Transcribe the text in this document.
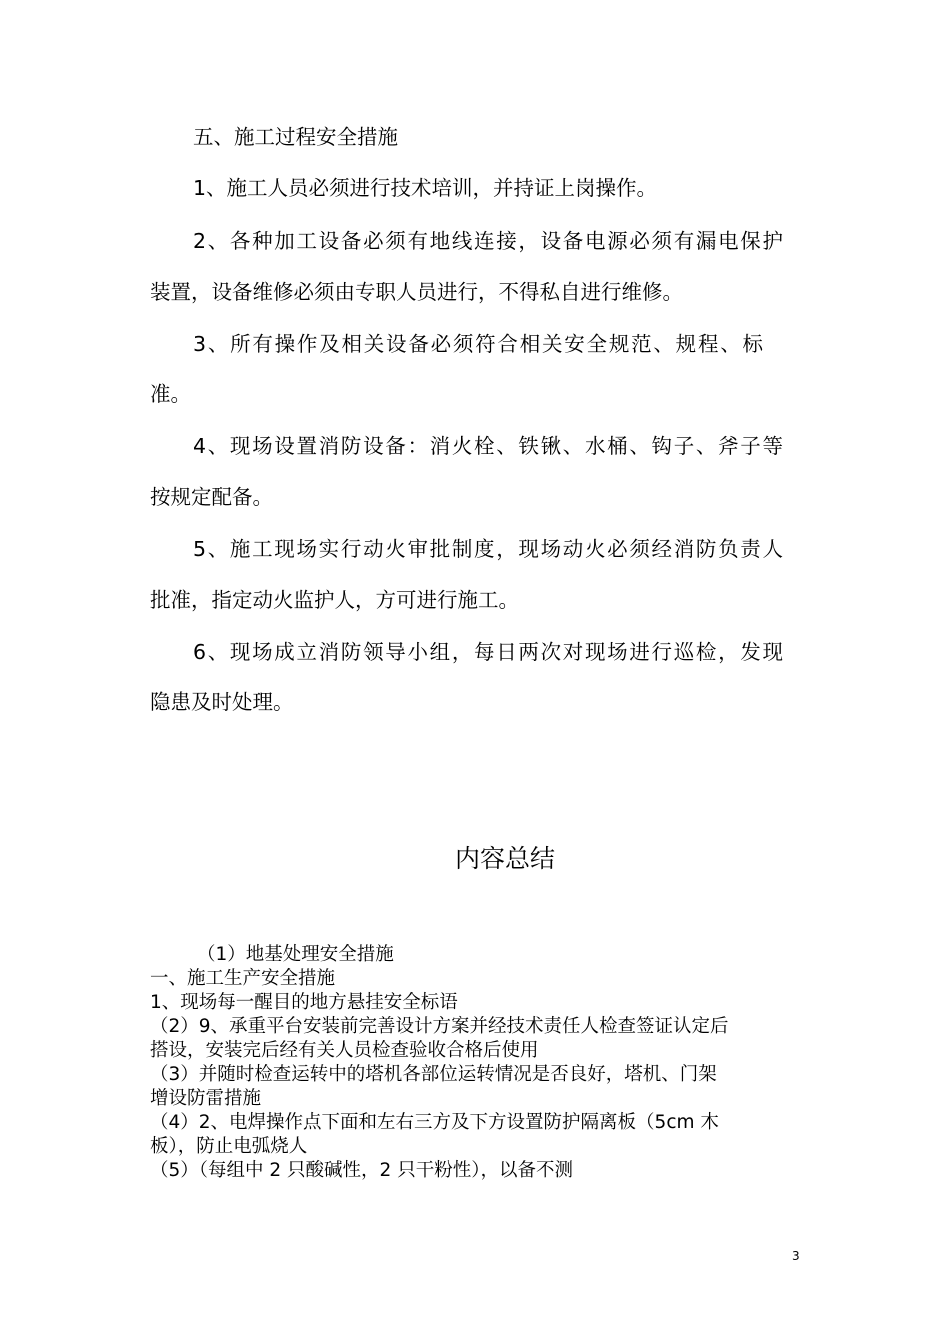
五、施工过程安全措施
1、施工人员必须进行技术培训，并持证上岗操作。
2、各种加工设备必须有地线连接，设备电源必须有漏电保护
装置，设备维修必须由专职人员进行，不得私自进行维修。
3、所有操作及相关设备必须符合相关安全规范、规程、标
准。
4、现场设置消防设备：消火栓、铁锹、水桶、钩子、斧子等
按规定配备。
5、施工现场实行动火审批制度，现场动火必须经消防负责人
批准，指定动火监护人，方可进行施工。
6、现场成立消防领导小组，每日两次对现场进行巡检，发现
隐患及时处理。
内容总结
（1）地基处理安全措施
一、施工生产安全措施
1、现场每一醒目的地方悬挂安全标语
（2）9、承重平台安装前完善设计方案并经技术责任人检查签证认定后
搭设，安装完后经有关人员检查验收合格后使用
（3）并随时检查运转中的塔机各部位运转情况是否良好，塔机、门架
增设防雷措施
（4）2、电焊操作点下面和左右三方及下方设置防护隔离板（5cm 木
板），防止电弧烧人
（5）（每组中 2 只酸碱性，2 只干粉性），以备不测
3
